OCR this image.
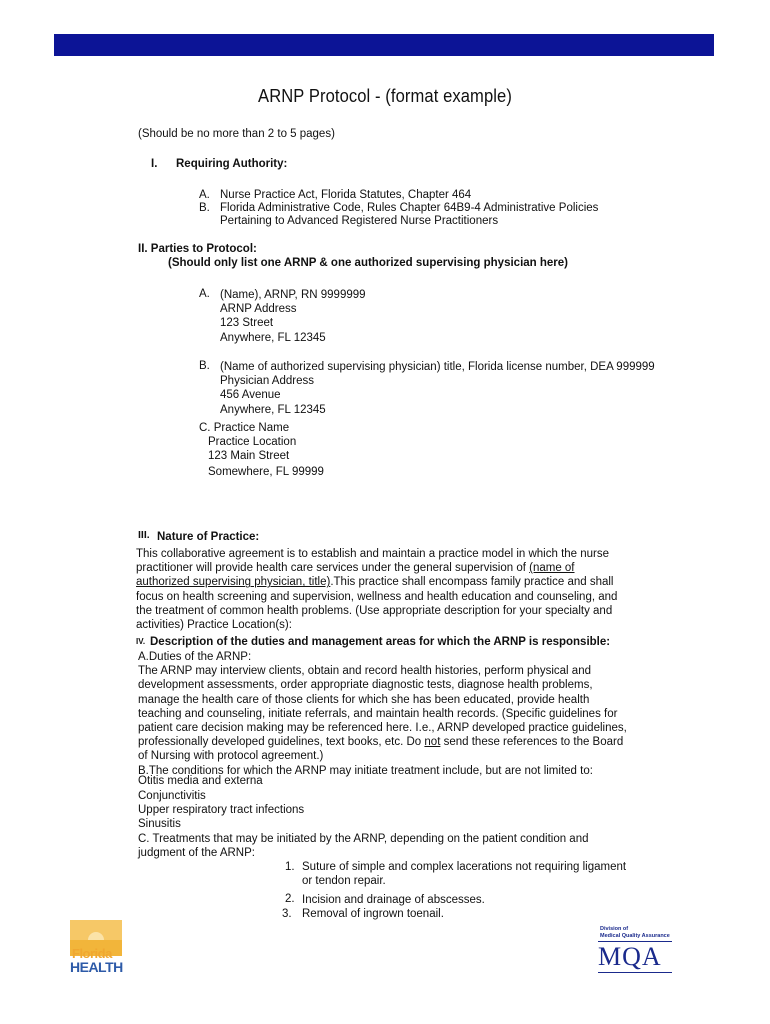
ARNP Protocol - (format example)
(Should be no more than 2 to 5 pages)
I. Requiring Authority:
A. Nurse Practice Act, Florida Statutes, Chapter 464
B. Florida Administrative Code, Rules Chapter 64B9-4 Administrative Policies
Pertaining to Advanced Registered Nurse Practitioners
II. Parties to Protocol:
(Should only list one ARNP & one authorized supervising physician here)
A. (Name), ARNP, RN 9999999
ARNP Address
123 Street
Anywhere, FL 12345
B. (Name of authorized supervising physician) title, Florida license number, DEA 999999
Physician Address
456 Avenue
Anywhere, FL 12345
C. Practice Name
Practice Location
123 Main Street
Somewhere, FL 99999
III. Nature of Practice:
This collaborative agreement is to establish and maintain a practice model in which the nurse
practitioner will provide health care services under the general supervision of (name of
authorized supervising physician, title).This practice shall encompass family practice and shall
focus on health screening and supervision, wellness and health education and counseling, and
the treatment of common health problems. (Use appropriate description for your specialty and
activities) Practice Location(s):
IV. Description of the duties and management areas for which the ARNP is responsible:
A.Duties of the ARNP:
The ARNP may interview clients, obtain and record health histories, perform physical and
development assessments, order appropriate diagnostic tests, diagnose health problems,
manage the health care of those clients for which she has been educated, provide health
teaching and counseling, initiate referrals, and maintain health records. (Specific guidelines for
patient care decision making may be referenced here. I.e., ARNP developed practice guidelines,
professionally developed guidelines, text books, etc. Do not send these references to the Board
of Nursing with protocol agreement.)
B.The conditions for which the ARNP may initiate treatment include, but are not limited to:
Otitis media and externa
Conjunctivitis
Upper respiratory tract infections
Sinusitis
C. Treatments that may be initiated by the ARNP, depending on the patient condition and
judgment of the ARNP:
1. Suture of simple and complex lacerations not requiring ligament
or tendon repair.
2. Incision and drainage of abscesses.
3. Removal of ingrown toenail.
Florida
HEALTH
Division of
Medical Quality Assurance
MQA
